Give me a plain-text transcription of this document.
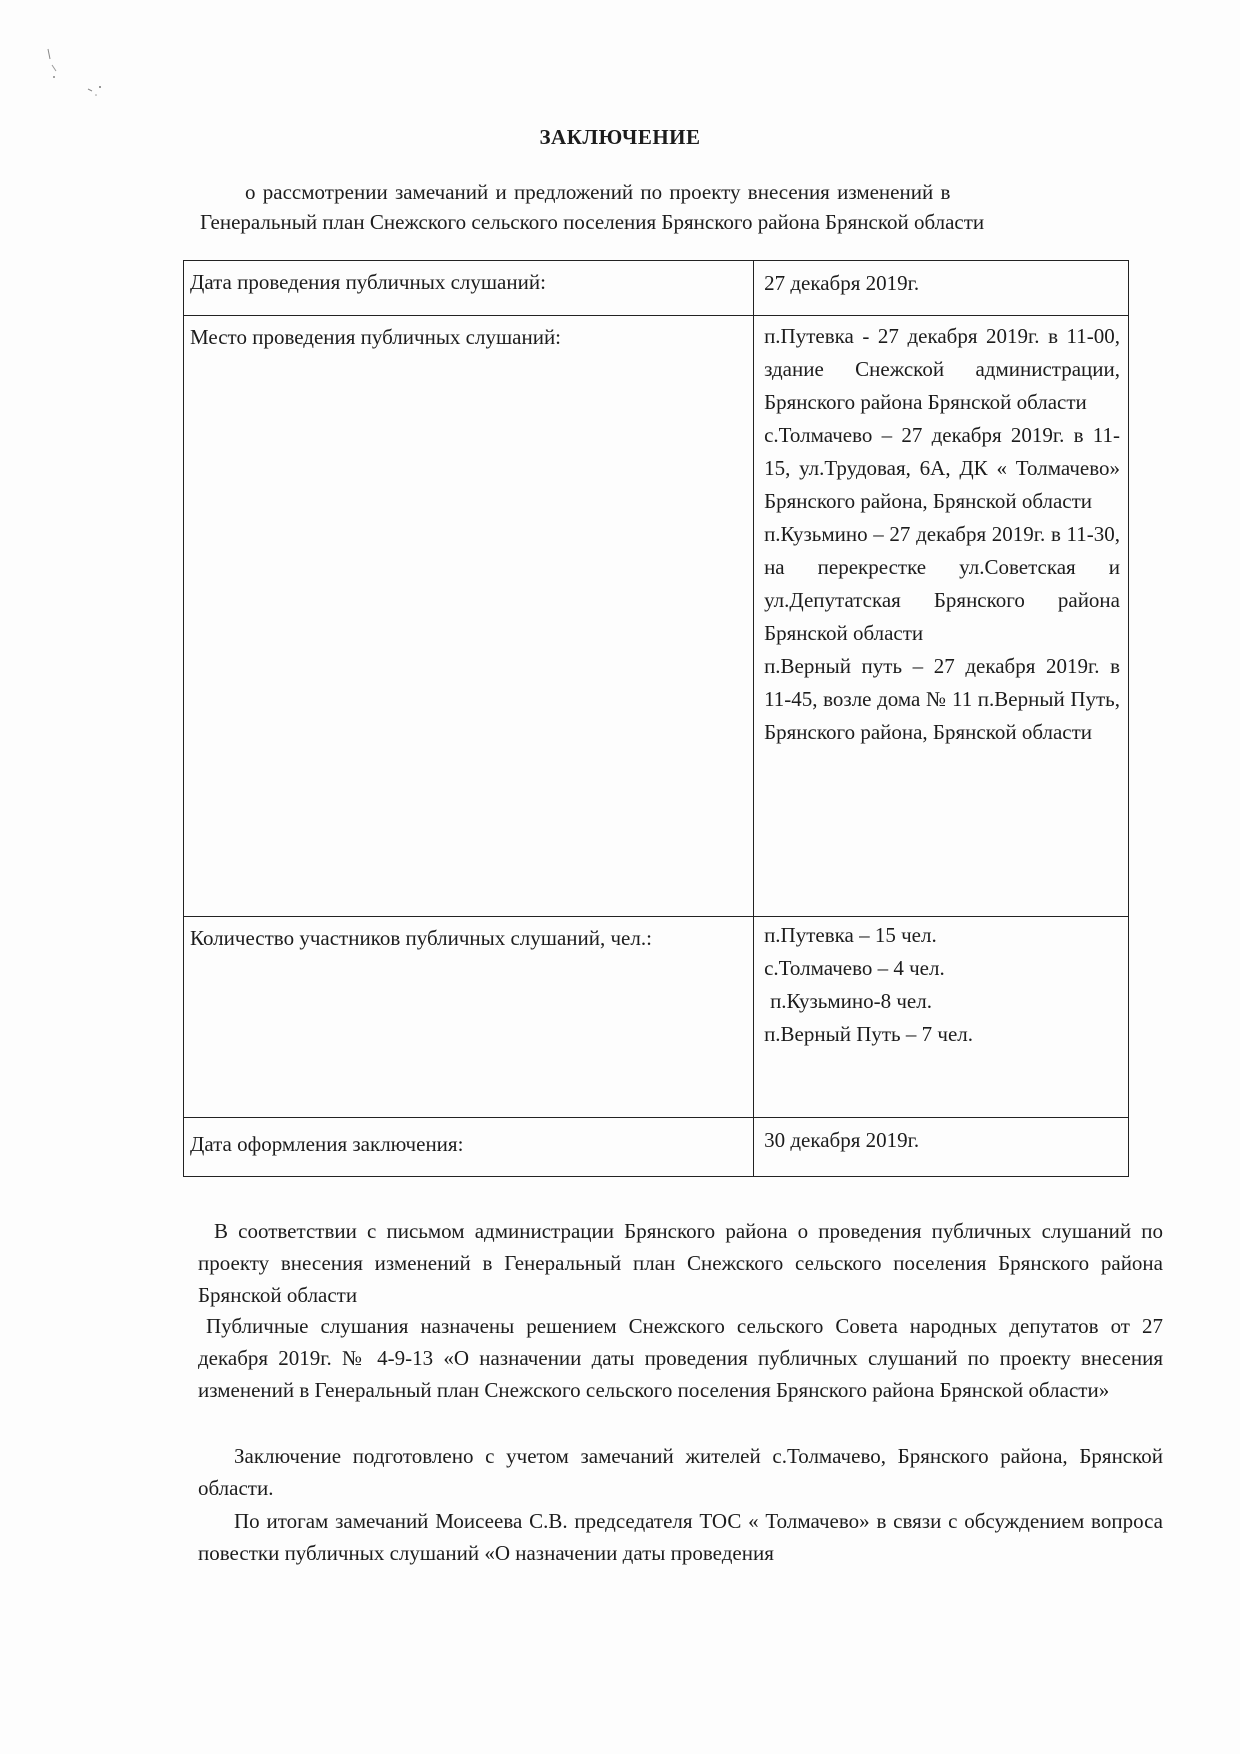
ЗАКЛЮЧЕНИЕ
о рассмотрении замечаний и предложений по проекту внесения изменений в
Генеральный план Снежского сельского поселения Брянского района Брянской области
Дата проведения публичных слушаний:	27 декабря 2019г.

Место проведения публичных слушаний:	п.Путевка - 27 декабря 2019г. в 11-00, здание Снежской администрации, Брянского района Брянской области
с.Толмачево – 27 декабря 2019г. в 11-15, ул.Трудовая, 6А, ДК « Толмачево» Брянского района, Брянской области
п.Кузьмино – 27 декабря 2019г. в 11-30, на перекрестке ул.Советская и ул.Депутатская Брянского района Брянской области
п.Верный путь – 27 декабря 2019г. в 11-45, возле дома № 11 п.Верный Путь, Брянского района, Брянской области

Количество участников публичных слушаний, чел.:	п.Путевка – 15 чел.
с.Толмачево – 4 чел.
п.Кузьмино-8 чел.
п.Верный Путь – 7 чел.

Дата оформления заключения:	30 декабря 2019г.
В соответствии с письмом администрации Брянского района о проведения публичных слушаний по проекту внесения изменений в Генеральный план Снежского сельского поселения Брянского района Брянской области
Публичные слушания назначены решением Снежского сельского Совета народных депутатов от 27 декабря 2019г. № 4-9-13 «О назначении даты проведения публичных слушаний по проекту внесения изменений в Генеральный план Снежского сельского поселения Брянского района Брянской области»
Заключение подготовлено с учетом замечаний жителей с.Толмачево, Брянского района, Брянской области.
По итогам замечаний Моисеева С.В. председателя ТОС « Толмачево» в связи с обсуждением вопроса повестки публичных слушаний «О назначении даты проведения
